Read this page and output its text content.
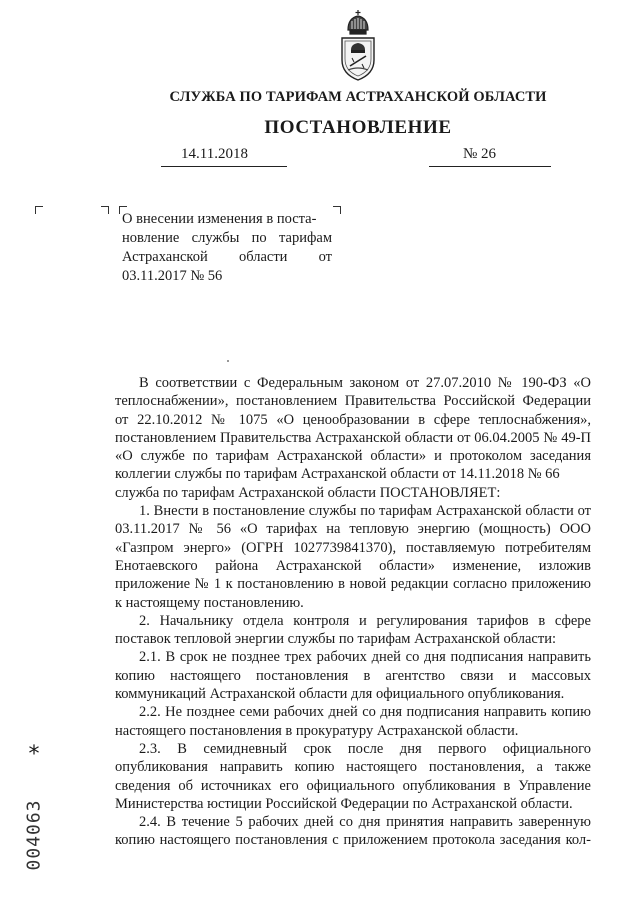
СЛУЖБА ПО ТАРИФАМ АСТРАХАНСКОЙ ОБЛАСТИ
ПОСТАНОВЛЕНИЕ
14.11.2018	№ 26
О внесении изменения в поста-
новление службы по тарифам
Астраханской области от
03.11.2017 № 56

В соответствии с Федеральным законом от 27.07.2010 № 190-ФЗ «О теплоснабжении», постановлением Правительства Российской Федерации от 22.10.2012 № 1075 «О ценообразовании в сфере теплоснабжения», постановлением Правительства Астраханской области от 06.04.2005 № 49-П «О службе по тарифам Астраханской области» и протоколом заседания коллегии службы по тарифам Астраханской области от 14.11.2018 № 66

служба по тарифам Астраханской области ПОСТАНОВЛЯЕТ:

1. Внести в постановление службы по тарифам Астраханской области от 03.11.2017 № 56 «О тарифах на тепловую энергию (мощность) ООО «Газпром энерго» (ОГРН 1027739841370), поставляемую потребителям Енотаевского района Астраханской области» изменение, изложив приложение № 1 к постановлению в новой редакции согласно приложению к настоящему постановлению.

2. Начальнику отдела контроля и регулирования тарифов в сфере поставок тепловой энергии службы по тарифам Астраханской области:

2.1. В срок не позднее трех рабочих дней со дня подписания направить копию настоящего постановления в агентство связи и массовых коммуникаций Астраханской области для официального опубликования.

2.2. Не позднее семи рабочих дней со дня подписания направить копию настоящего постановления в прокуратуру Астраханской области.

2.3. В семидневный срок после дня первого официального опубликования направить копию настоящего постановления, а также сведения об источниках его официального опубликования в Управление Министерства юстиции Российской Федерации по Астраханской области.

2.4. В течение 5 рабочих дней со дня принятия направить заверенную копию настоящего постановления с приложением протокола заседания кол-

*
004063
